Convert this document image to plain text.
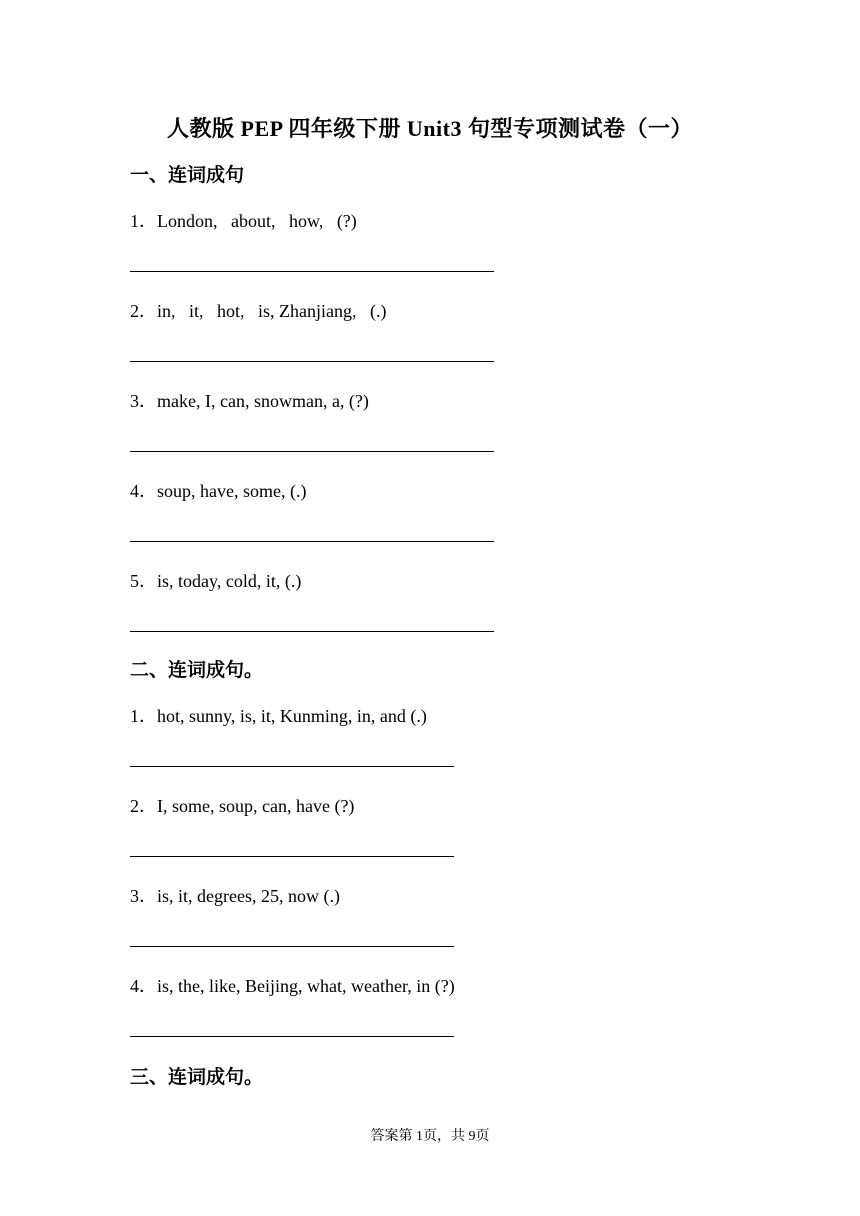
人教版 PEP 四年级下册 Unit3 句型专项测试卷（一）
一、连词成句
1．London,   about,   how,   (?)
2．in,   it,   hot,   is, Zhanjiang,   (.)
3．make, I, can, snowman, a, (?)
4．soup, have, some, (.)
5．is, today, cold, it, (.)
二、连词成句。
1．hot, sunny, is, it, Kunming, in, and (.)
2．I, some, soup, can, have (?)
3．is, it, degrees, 25, now (.)
4．is, the, like, Beijing, what, weather, in (?)
三、连词成句。
答案第 1页，共 9页
